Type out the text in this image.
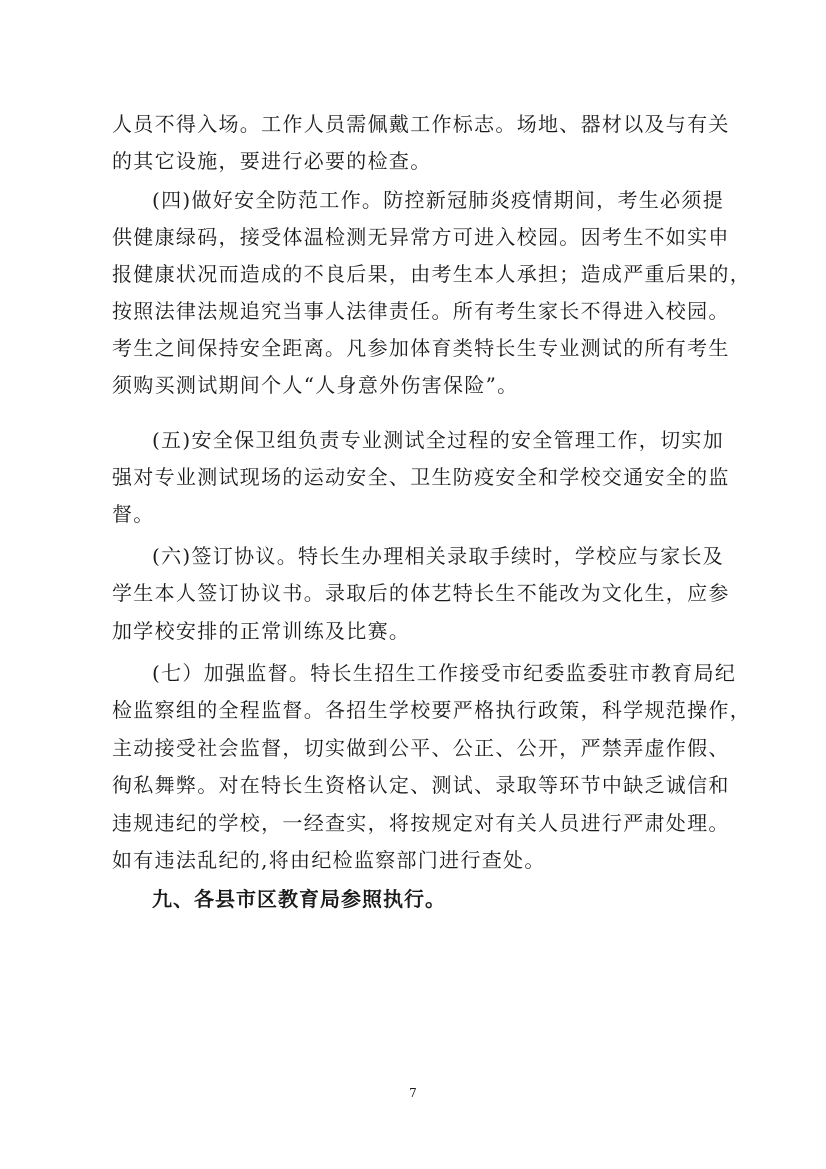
人员不得入场。工作人员需佩戴工作标志。场地、器材以及与有关
的其它设施，要进行必要的检查。
(四)做好安全防范工作。防控新冠肺炎疫情期间，考生必须提
供健康绿码，接受体温检测无异常方可进入校园。因考生不如实申
报健康状况而造成的不良后果，由考生本人承担；造成严重后果的，
按照法律法规追究当事人法律责任。所有考生家长不得进入校园。
考生之间保持安全距离。凡参加体育类特长生专业测试的所有考生
须购买测试期间个人“人身意外伤害保险”。
(五)安全保卫组负责专业测试全过程的安全管理工作，切实加
强对专业测试现场的运动安全、卫生防疫安全和学校交通安全的监
督。
(六)签订协议。特长生办理相关录取手续时，学校应与家长及
学生本人签订协议书。录取后的体艺特长生不能改为文化生，应参
加学校安排的正常训练及比赛。
(七）加强监督。特长生招生工作接受市纪委监委驻市教育局纪
检监察组的全程监督。各招生学校要严格执行政策，科学规范操作，
主动接受社会监督，切实做到公平、公正、公开，严禁弄虚作假、
徇私舞弊。对在特长生资格认定、测试、录取等环节中缺乏诚信和
违规违纪的学校，一经查实，将按规定对有关人员进行严肃处理。
如有违法乱纪的,将由纪检监察部门进行查处。
九、各县市区教育局参照执行。
7
